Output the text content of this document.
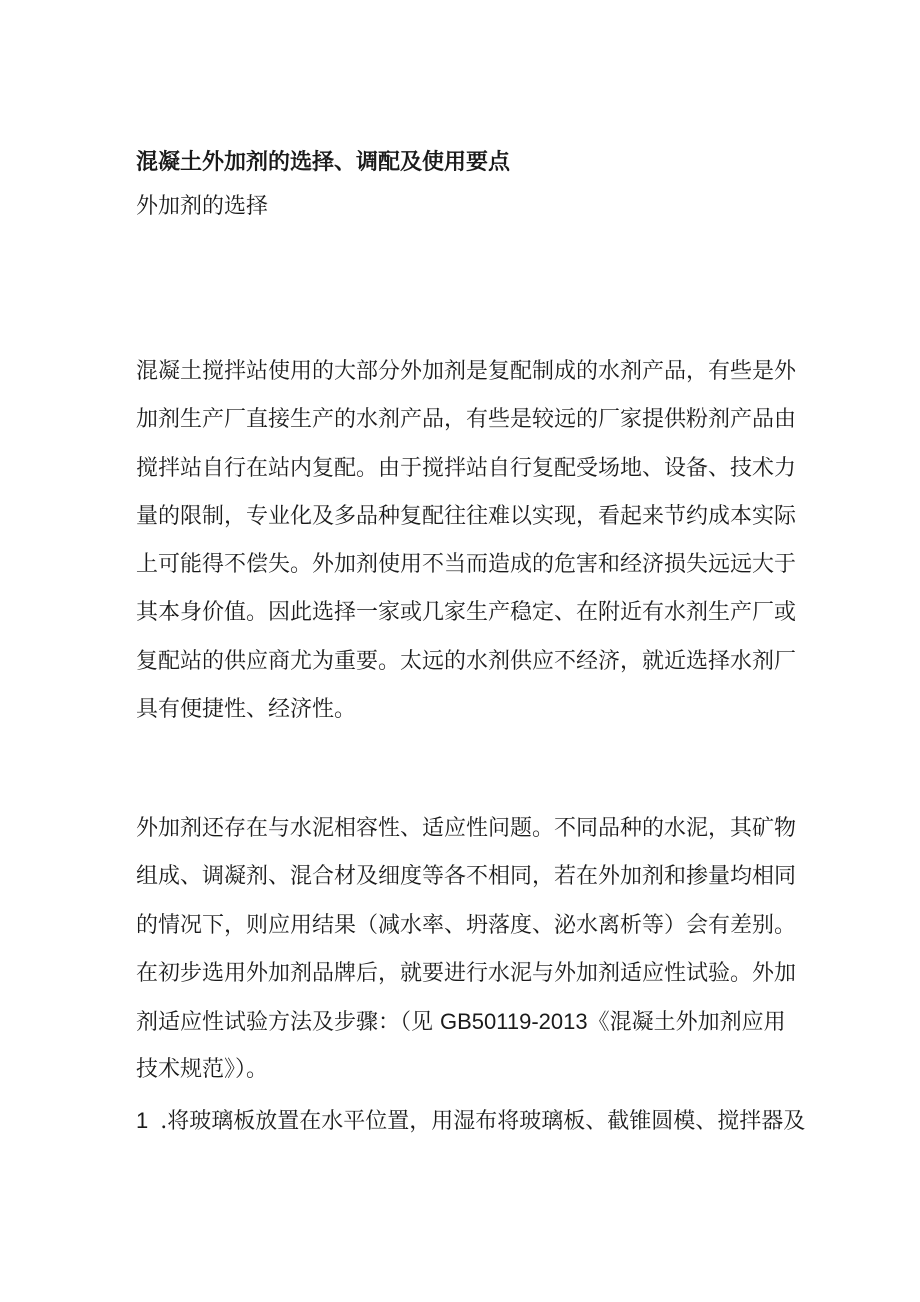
混凝土外加剂的选择、调配及使用要点
外加剂的选择
混凝土搅拌站使用的大部分外加剂是复配制成的水剂产品，有些是外
加剂生产厂直接生产的水剂产品，有些是较远的厂家提供粉剂产品由
搅拌站自行在站内复配。由于搅拌站自行复配受场地、设备、技术力
量的限制，专业化及多品种复配往往难以实现，看起来节约成本实际
上可能得不偿失。外加剂使用不当而造成的危害和经济损失远远大于
其本身价值。因此选择一家或几家生产稳定、在附近有水剂生产厂或
复配站的供应商尤为重要。太远的水剂供应不经济，就近选择水剂厂
具有便捷性、经济性。
外加剂还存在与水泥相容性、适应性问题。不同品种的水泥，其矿物
组成、调凝剂、混合材及细度等各不相同，若在外加剂和掺量均相同
的情况下，则应用结果（减水率、坍落度、泌水离析等）会有差别。
在初步选用外加剂品牌后，就要进行水泥与外加剂适应性试验。外加
剂适应性试验方法及步骤：（见 GB50119-2013《混凝土外加剂应用
技术规范》）。
1 .将玻璃板放置在水平位置，用湿布将玻璃板、截锥圆模、搅拌器及
